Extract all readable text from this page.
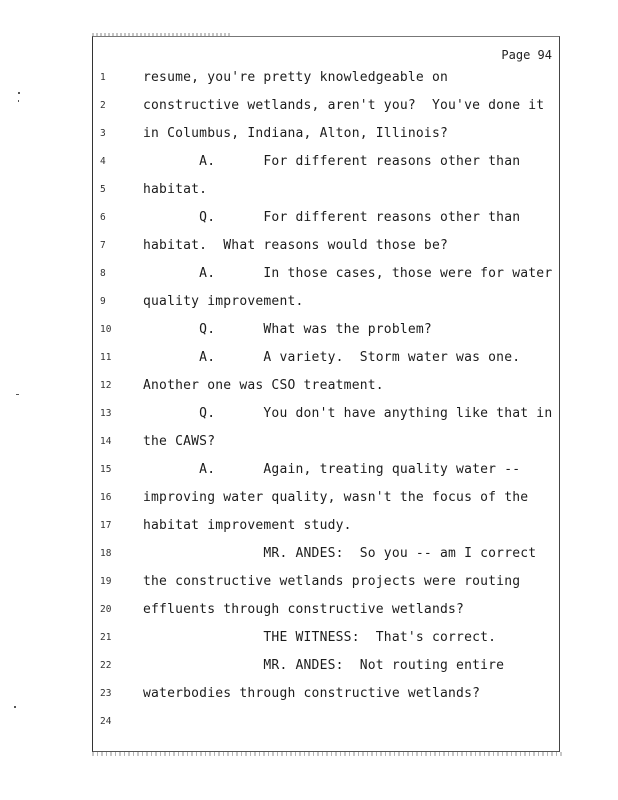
Page 94
1	resume, you're pretty knowledgeable on
2	constructive wetlands, aren't you?  You've done it
3	in Columbus, Indiana, Alton, Illinois?
4	A.      For different reasons other than
5	habitat.
6	Q.      For different reasons other than
7	habitat.  What reasons would those be?
8	A.      In those cases, those were for water
9	quality improvement.
10	Q.      What was the problem?
11	A.      A variety.  Storm water was one.
12	Another one was CSO treatment.
13	Q.      You don't have anything like that in
14	the CAWS?
15	A.      Again, treating quality water --
16	improving water quality, wasn't the focus of the
17	habitat improvement study.
18	MR. ANDES:  So you -- am I correct
19	the constructive wetlands projects were routing
20	effluents through constructive wetlands?
21	THE WITNESS:  That's correct.
22	MR. ANDES:  Not routing entire
23	waterbodies through constructive wetlands?
24
